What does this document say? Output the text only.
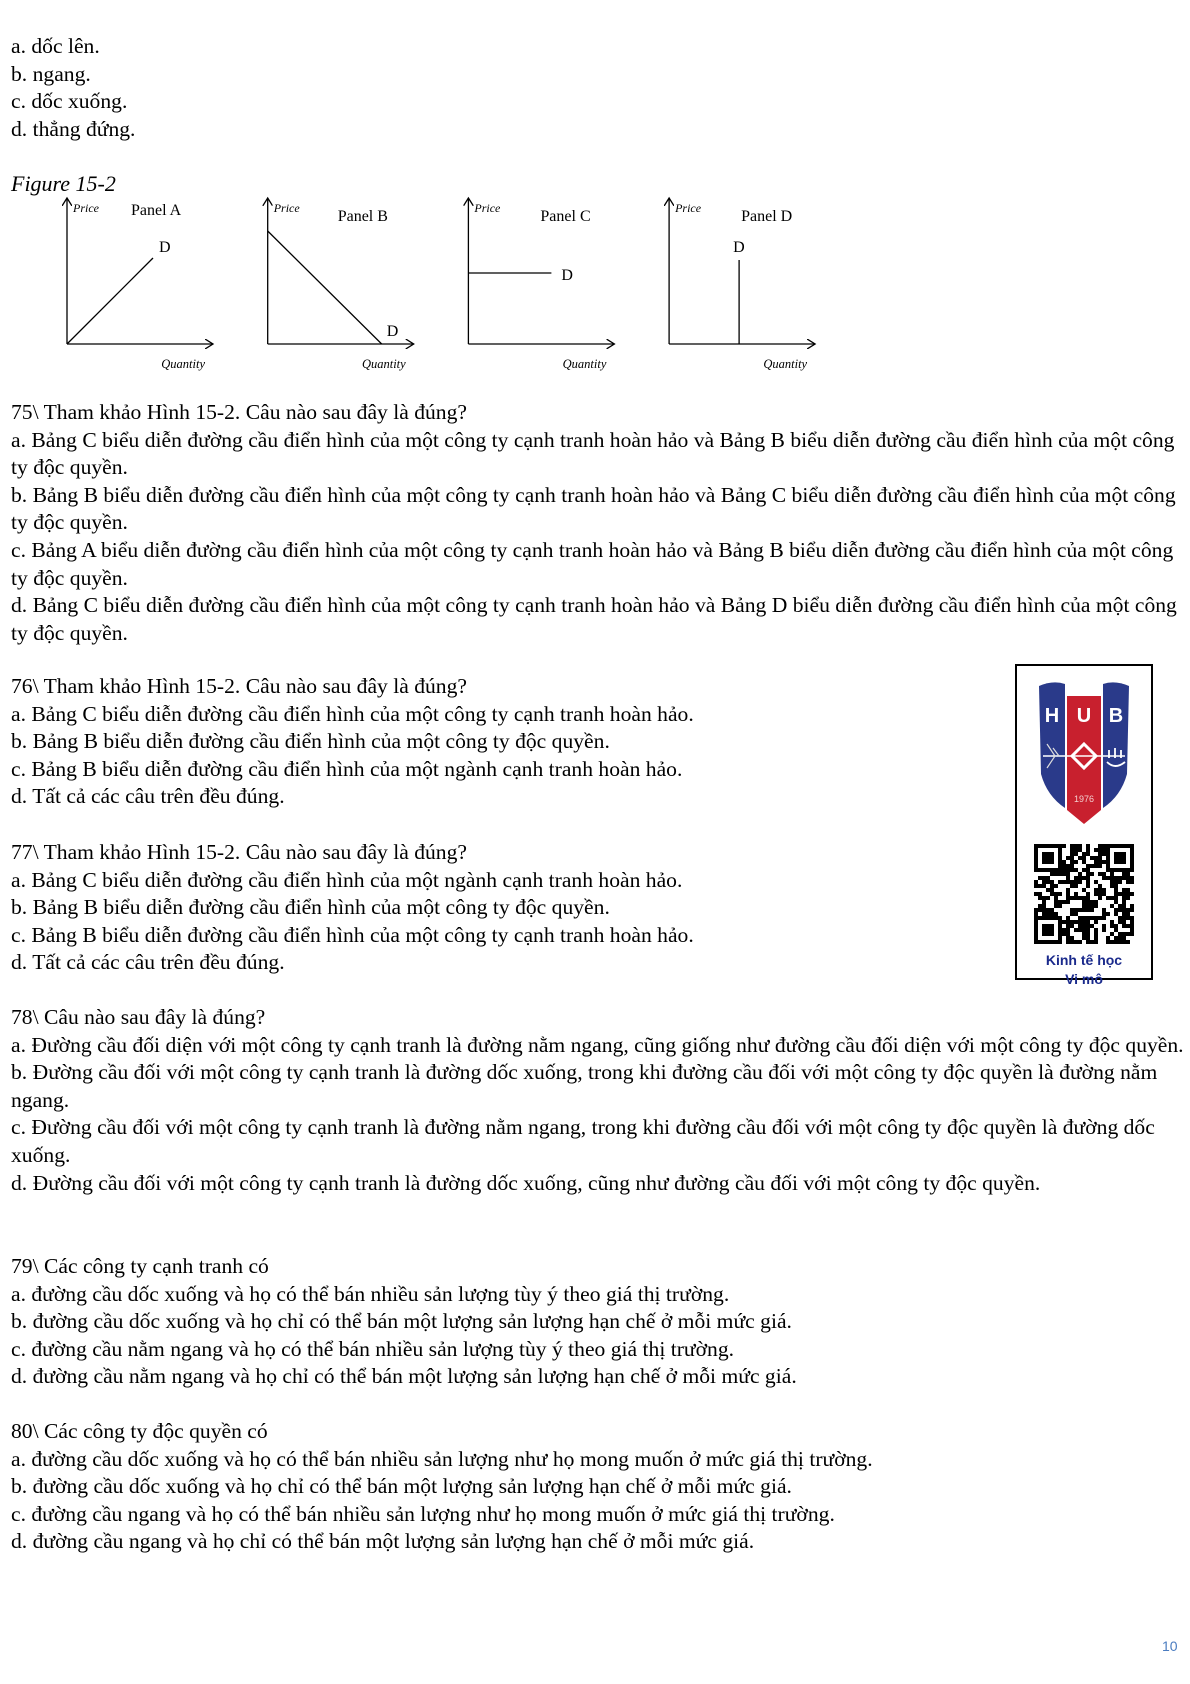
a. dốc lên.
b. ngang.
c. dốc xuống.
d. thẳng đứng.
Figure 15-2
Price
Quantity
Panel A
D
Price
Quantity
Panel B
D
Price
Quantity
Panel C
D
Price
Quantity
Panel D
D
75\ Tham khảo Hình 15-2. Câu nào sau đây là đúng?
a. Bảng C biểu diễn đường cầu điển hình của một công ty cạnh tranh hoàn hảo và Bảng B biểu diễn đường cầu điển hình của một công ty độc quyền.
b. Bảng B biểu diễn đường cầu điển hình của một công ty cạnh tranh hoàn hảo và Bảng C biểu diễn đường cầu điển hình của một công ty độc quyền.
c. Bảng A biểu diễn đường cầu điển hình của một công ty cạnh tranh hoàn hảo và Bảng B biểu diễn đường cầu điển hình của một công ty độc quyền.
d. Bảng C biểu diễn đường cầu điển hình của một công ty cạnh tranh hoàn hảo và Bảng D biểu diễn đường cầu điển hình của một công ty độc quyền.
76\ Tham khảo Hình 15-2. Câu nào sau đây là đúng?
a. Bảng C biểu diễn đường cầu điển hình của một công ty cạnh tranh hoàn hảo.
b. Bảng B biểu diễn đường cầu điển hình của một công ty độc quyền.
c. Bảng B biểu diễn đường cầu điển hình của một ngành cạnh tranh hoàn hảo.
d. Tất cả các câu trên đều đúng.
77\ Tham khảo Hình 15-2. Câu nào sau đây là đúng?
a. Bảng C biểu diễn đường cầu điển hình của một ngành cạnh tranh hoàn hảo.
b. Bảng B biểu diễn đường cầu điển hình của một công ty độc quyền.
c. Bảng B biểu diễn đường cầu điển hình của một công ty cạnh tranh hoàn hảo.
d. Tất cả các câu trên đều đúng.
78\ Câu nào sau đây là đúng?
a. Đường cầu đối diện với một công ty cạnh tranh là đường nằm ngang, cũng giống như đường cầu đối diện với một công ty độc quyền.
b. Đường cầu đối với một công ty cạnh tranh là đường dốc xuống, trong khi đường cầu đối với một công ty độc quyền là đường nằm ngang.
c. Đường cầu đối với một công ty cạnh tranh là đường nằm ngang, trong khi đường cầu đối với một công ty độc quyền là đường dốc xuống.
d. Đường cầu đối với một công ty cạnh tranh là đường dốc xuống, cũng như đường cầu đối với một công ty độc quyền.
79\ Các công ty cạnh tranh có
a. đường cầu dốc xuống và họ có thể bán nhiều sản lượng tùy ý theo giá thị trường.
b. đường cầu dốc xuống và họ chỉ có thể bán một lượng sản lượng hạn chế ở mỗi mức giá.
c. đường cầu nằm ngang và họ có thể bán nhiều sản lượng tùy ý theo giá thị trường.
d. đường cầu nằm ngang và họ chỉ có thể bán một lượng sản lượng hạn chế ở mỗi mức giá.
80\ Các công ty độc quyền có
a. đường cầu dốc xuống và họ có thể bán nhiều sản lượng như họ mong muốn ở mức giá thị trường.
b. đường cầu dốc xuống và họ chỉ có thể bán một lượng sản lượng hạn chế ở mỗi mức giá.
c. đường cầu ngang và họ có thể bán nhiều sản lượng như họ mong muốn ở mức giá thị trường.
d. đường cầu ngang và họ chỉ có thể bán một lượng sản lượng hạn chế ở mỗi mức giá.
H U B
1976
Kinh tế học
Vi mô
10
